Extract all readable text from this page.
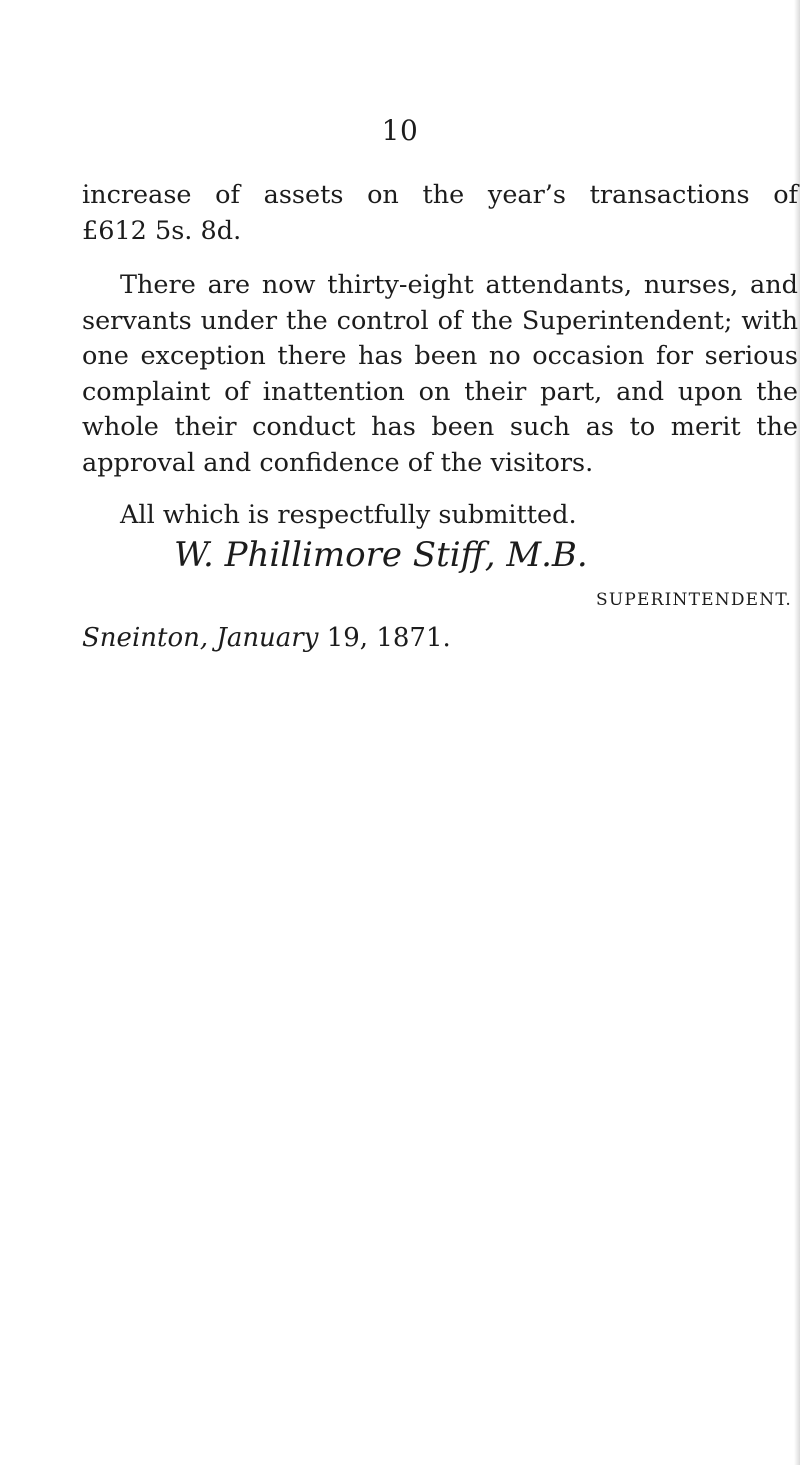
10

increase of assets on the year’s transactions of

£612 5s. 8d.

There are now thirty-eight attendants, nurses, and servants under the control of the Superintendent; with one exception there has been no occasion for serious complaint of inattention on their part, and upon the whole their conduct has been such as to merit the approval and confidence of the visitors.

All which is respectfully submitted.

W. Phillimore Stiff, M.B.
SUPERINTENDENT.
Sneinton, January 19, 1871.
